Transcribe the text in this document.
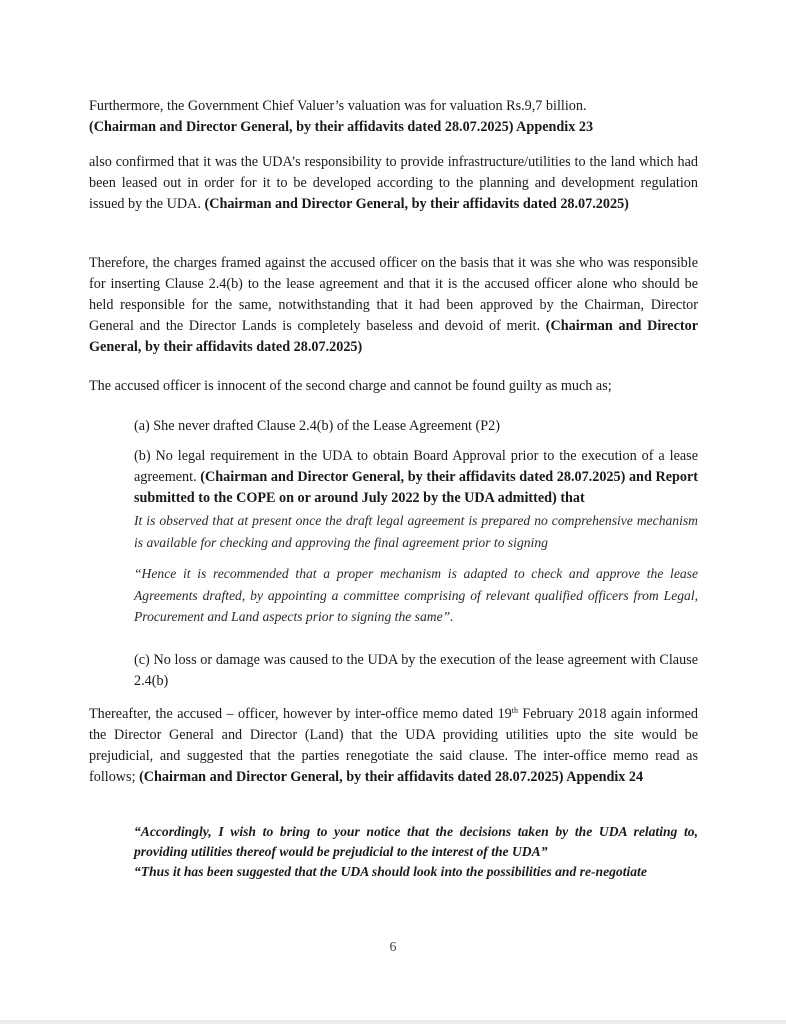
Furthermore, the Government Chief Valuer’s valuation was for valuation Rs.9,7 billion.
(Chairman and Director General, by their affidavits dated 28.07.2025) Appendix 23

also confirmed that it was the UDA’s responsibility to provide infrastructure/utilities to the land which had been leased out in order for it to be developed according to the planning and development regulation issued by the UDA. (Chairman and Director General, by their affidavits dated 28.07.2025)

Therefore, the charges framed against the accused officer on the basis that it was she who was responsible for inserting Clause 2.4(b) to the lease agreement and that it is the accused officer alone who should be held responsible for the same, notwithstanding that it had been approved by the Chairman, Director General and the Director Lands is completely baseless and devoid of merit. (Chairman and Director General, by their affidavits dated 28.07.2025)

The accused officer is innocent of the second charge and cannot be found guilty as much as;

(a) She never drafted Clause 2.4(b) of the Lease Agreement (P2)

(b) No legal requirement in the UDA to obtain Board Approval prior to the execution of a lease agreement. (Chairman and Director General, by their affidavits dated 28.07.2025) and Report submitted to the COPE on or around July 2022 by the UDA admitted) that

It is observed that at present once the draft legal agreement is prepared no comprehensive mechanism is available for checking and approving the final agreement prior to signing

“Hence it is recommended that a proper mechanism is adapted to check and approve the lease Agreements drafted, by appointing a committee comprising of relevant qualified officers from Legal, Procurement and Land aspects prior to signing the same”.

(c) No loss or damage was caused to the UDA by the execution of the lease agreement with Clause 2.4(b)

Thereafter, the accused – officer, however by inter-office memo dated 19th February 2018 again informed the Director General and Director (Land) that the UDA providing utilities upto the site would be prejudicial, and suggested that the parties renegotiate the said clause. The inter-office memo read as follows; (Chairman and Director General, by their affidavits dated 28.07.2025) Appendix 24

“Accordingly, I wish to bring to your notice that the decisions taken by the UDA relating to, providing utilities thereof would be prejudicial to the interest of the UDA”

“Thus it has been suggested that the UDA should look into the possibilities and re-negotiate

6
